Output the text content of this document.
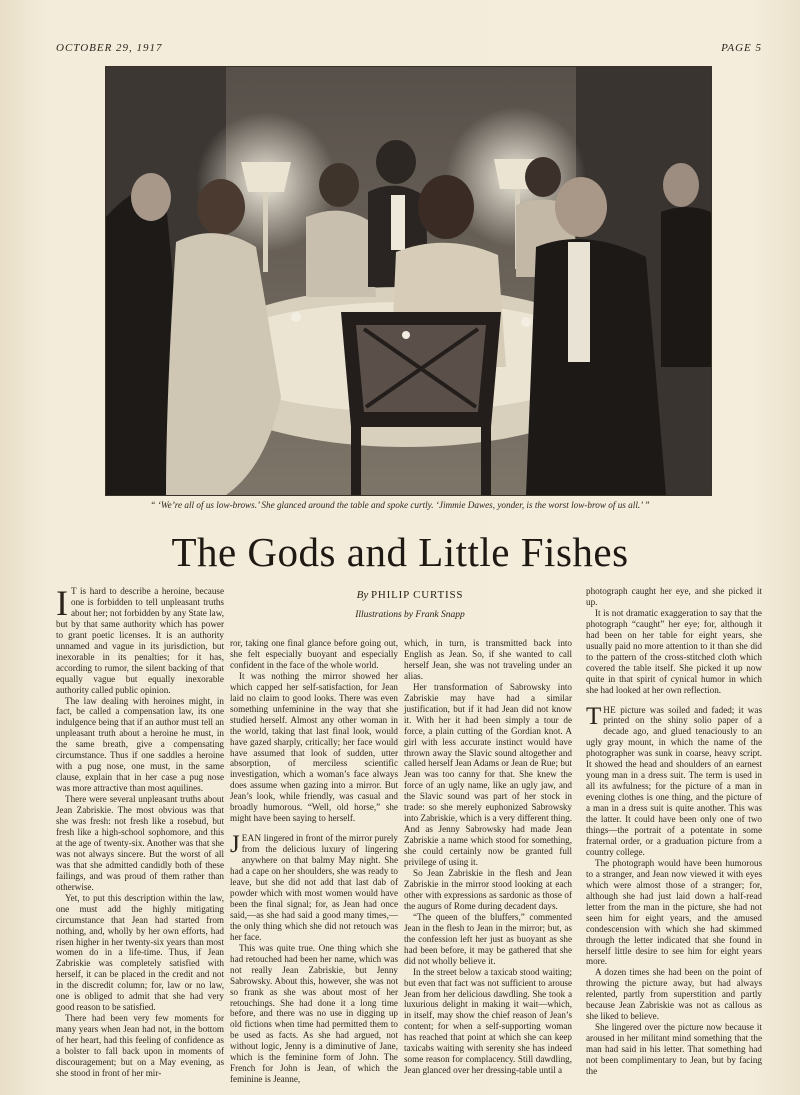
OCTOBER 29, 1917	PAGE 5
“ ‘We’re all of us low-brows.’ She glanced around the table and spoke curtly. ‘Jimmie Dawes, yonder, is the worst low-brow of us all.’ ”
The Gods and Little Fishes
By PHILIP CURTISS
Illustrations by Frank Snapp

I T is hard to describe a heroine, because one is forbidden to tell unpleasant truths about her; not forbidden by any State law, but by that same authority which has power to grant poetic licenses. It is an authority unnamed and vague in its jurisdiction, but inexorable in its penalties; for it has, according to rumor, the silent backing of that equally vague but equally inexorable authority called public opinion.

The law dealing with heroines might, in fact, be called a compensation law, its one indulgence being that if an author must tell an unpleasant truth about a heroine he must, in the same breath, give a compensating circumstance. Thus if one saddles a heroine with a pug nose, one must, in the same clause, explain that in her case a pug nose was more attractive than most aquilines.

There were several unpleasant truths about Jean Zabriskie. The most obvious was that she was fresh: not fresh like a rosebud, but fresh like a high-school sophomore, and this at the age of twenty-six. Another was that she was not always sincere. But the worst of all was that she admitted candidly both of these failings, and was proud of them rather than otherwise.

Yet, to put this description within the law, one must add the highly mitigating circumstance that Jean had started from nothing, and, wholly by her own efforts, had risen higher in her twenty-six years than most women do in a life-time. Thus, if Jean Zabriskie was completely satisfied with herself, it can be placed in the credit and not in the discredit column; for, law or no law, one is obliged to admit that she had very good reason to be satisfied.

There had been very few moments for many years when Jean had not, in the bottom of her heart, had this feeling of confidence as a bolster to fall back upon in moments of discouragement; but on a May evening, as she stood in front of her mir-

ror, taking one final glance before going out, she felt especially buoyant and especially confident in the face of the whole world.

It was nothing the mirror showed her which capped her self-satisfaction, for Jean laid no claim to good looks. There was even something unfeminine in the way that she studied herself. Almost any other woman in the world, taking that last final look, would have gazed sharply, critically; her face would have assumed that look of sudden, utter absorption, of merciless scientific investigation, which a woman’s face always does assume when gazing into a mirror. But Jean’s look, while friendly, was casual and broadly humorous. “Well, old horse,” she might have been saying to herself.

JEAN lingered in front of the mirror purely from the delicious luxury of lingering anywhere on that balmy May night. She had a cape on her shoulders, she was ready to leave, but she did not add that last dab of powder which with most women would have been the final signal; for, as Jean had once said,—as she had said a good many times,—the only thing which she did not retouch was her face.

This was quite true. One thing which she had retouched had been her name, which was not really Jean Zabriskie, but Jenny Sabrowsky. About this, however, she was not so frank as she was about most of her retouchings. She had done it a long time before, and there was no use in digging up old fictions when time had permitted them to be used as facts. As she had argued, not without logic, Jenny is a diminutive of Jane, which is the feminine form of John. The French for John is Jean, of which the feminine is Jeanne,

which, in turn, is transmitted back into English as Jean. So, if she wanted to call herself Jean, she was not traveling under an alias.

Her transformation of Sabrowsky into Zabriskie may have had a similar justification, but if it had Jean did not know it. With her it had been simply a tour de force, a plain cutting of the Gordian knot. A girl with less accurate instinct would have thrown away the Slavic sound altogether and called herself Jean Adams or Jean de Rue; but Jean was too canny for that. She knew the force of an ugly name, like an ugly jaw, and the Slavic sound was part of her stock in trade: so she merely euphonized Sabrowsky into Zabriskie, which is a very different thing. And as Jenny Sabrowsky had made Jean Zabriskie a name which stood for something, she could certainly now be granted full privilege of using it.

So Jean Zabriskie in the flesh and Jean Zabriskie in the mirror stood looking at each other with expressions as sardonic as those of the augurs of Rome during decadent days.

“The queen of the bluffers,” commented Jean in the flesh to Jean in the mirror; but, as the confession left her just as buoyant as she had been before, it may be gathered that she did not wholly believe it.

In the street below a taxicab stood waiting; but even that fact was not sufficient to arouse Jean from her delicious dawdling. She took a luxurious delight in making it wait—which, in itself, may show the chief reason of Jean’s content; for when a self-supporting woman has reached that point at which she can keep taxicabs waiting with serenity she has indeed some reason for complacency. Still dawdling, Jean glanced over her dressing-table until a

photograph caught her eye, and she picked it up.

It is not dramatic exaggeration to say that the photograph “caught” her eye; for, although it had been on her table for eight years, she usually paid no more attention to it than she did to the pattern of the cross-stitched cloth which covered the table itself. She picked it up now quite in that spirit of cynical humor in which she had looked at her own reflection.

THE picture was soiled and faded; it was printed on the shiny solio paper of a decade ago, and glued tenaciously to an ugly gray mount, in which the name of the photographer was sunk in coarse, heavy script. It showed the head and shoulders of an earnest young man in a dress suit. The term is used in all its awfulness; for the picture of a man in evening clothes is one thing, and the picture of a man in a dress suit is quite another. This was the latter. It could have been only one of two things—the portrait of a potentate in some fraternal order, or a graduation picture from a country college.

The photograph would have been humorous to a stranger, and Jean now viewed it with eyes which were almost those of a stranger; for, although she had just laid down a half-read letter from the man in the picture, she had not seen him for eight years, and the amused condescension with which she had skimmed through the letter indicated that she found in herself little desire to see him for eight years more.

A dozen times she had been on the point of throwing the picture away, but had always relented, partly from superstition and partly because Jean Zabriskie was not as callous as she liked to believe.

She lingered over the picture now because it aroused in her militant mind something that the man had said in his letter. That something had not been complimentary to Jean, but by facing the
